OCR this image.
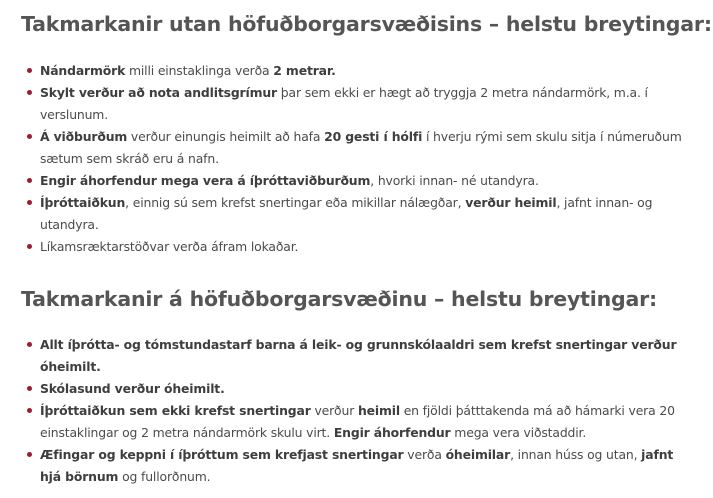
Takmarkanir utan höfuðborgarsvæðisins – helstu breytingar:
Nándarmörk milli einstaklinga verða 2 metrar.
Skylt verður að nota andlitsgrímur þar sem ekki er hægt að tryggja 2 metra nándarmörk, m.a. í verslunum.
Á viðburðum verður einungis heimilt að hafa 20 gesti í hólfi í hverju rými sem skulu sitja í númeruðum sætum sem skráð eru á nafn.
Engir áhorfendur mega vera á íþróttaviðburðum, hvorki innan- né utandyra.
Íþróttaiðkun, einnig sú sem krefst snertingar eða mikillar nálægðar, verður heimil, jafnt innan- og utandyra.
Líkamsræktarstöðvar verða áfram lokaðar.
Takmarkanir á höfuðborgarsvæðinu – helstu breytingar:
Allt íþrótta- og tómstundastarf barna á leik- og grunnskólaaldri sem krefst snertingar verður óheimilt.
Skólasund verður óheimilt.
Íþróttaiðkun sem ekki krefst snertingar verður heimil en fjöldi þátttakenda má að hámarki vera 20 einstaklingar og 2 metra nándarmörk skulu virt. Engir áhorfendur mega vera viðstaddir.
Æfingar og keppni í íþróttum sem krefjast snertingar verða óheimilar, innan húss og utan, jafnt hjá börnum og fullorðnum.
